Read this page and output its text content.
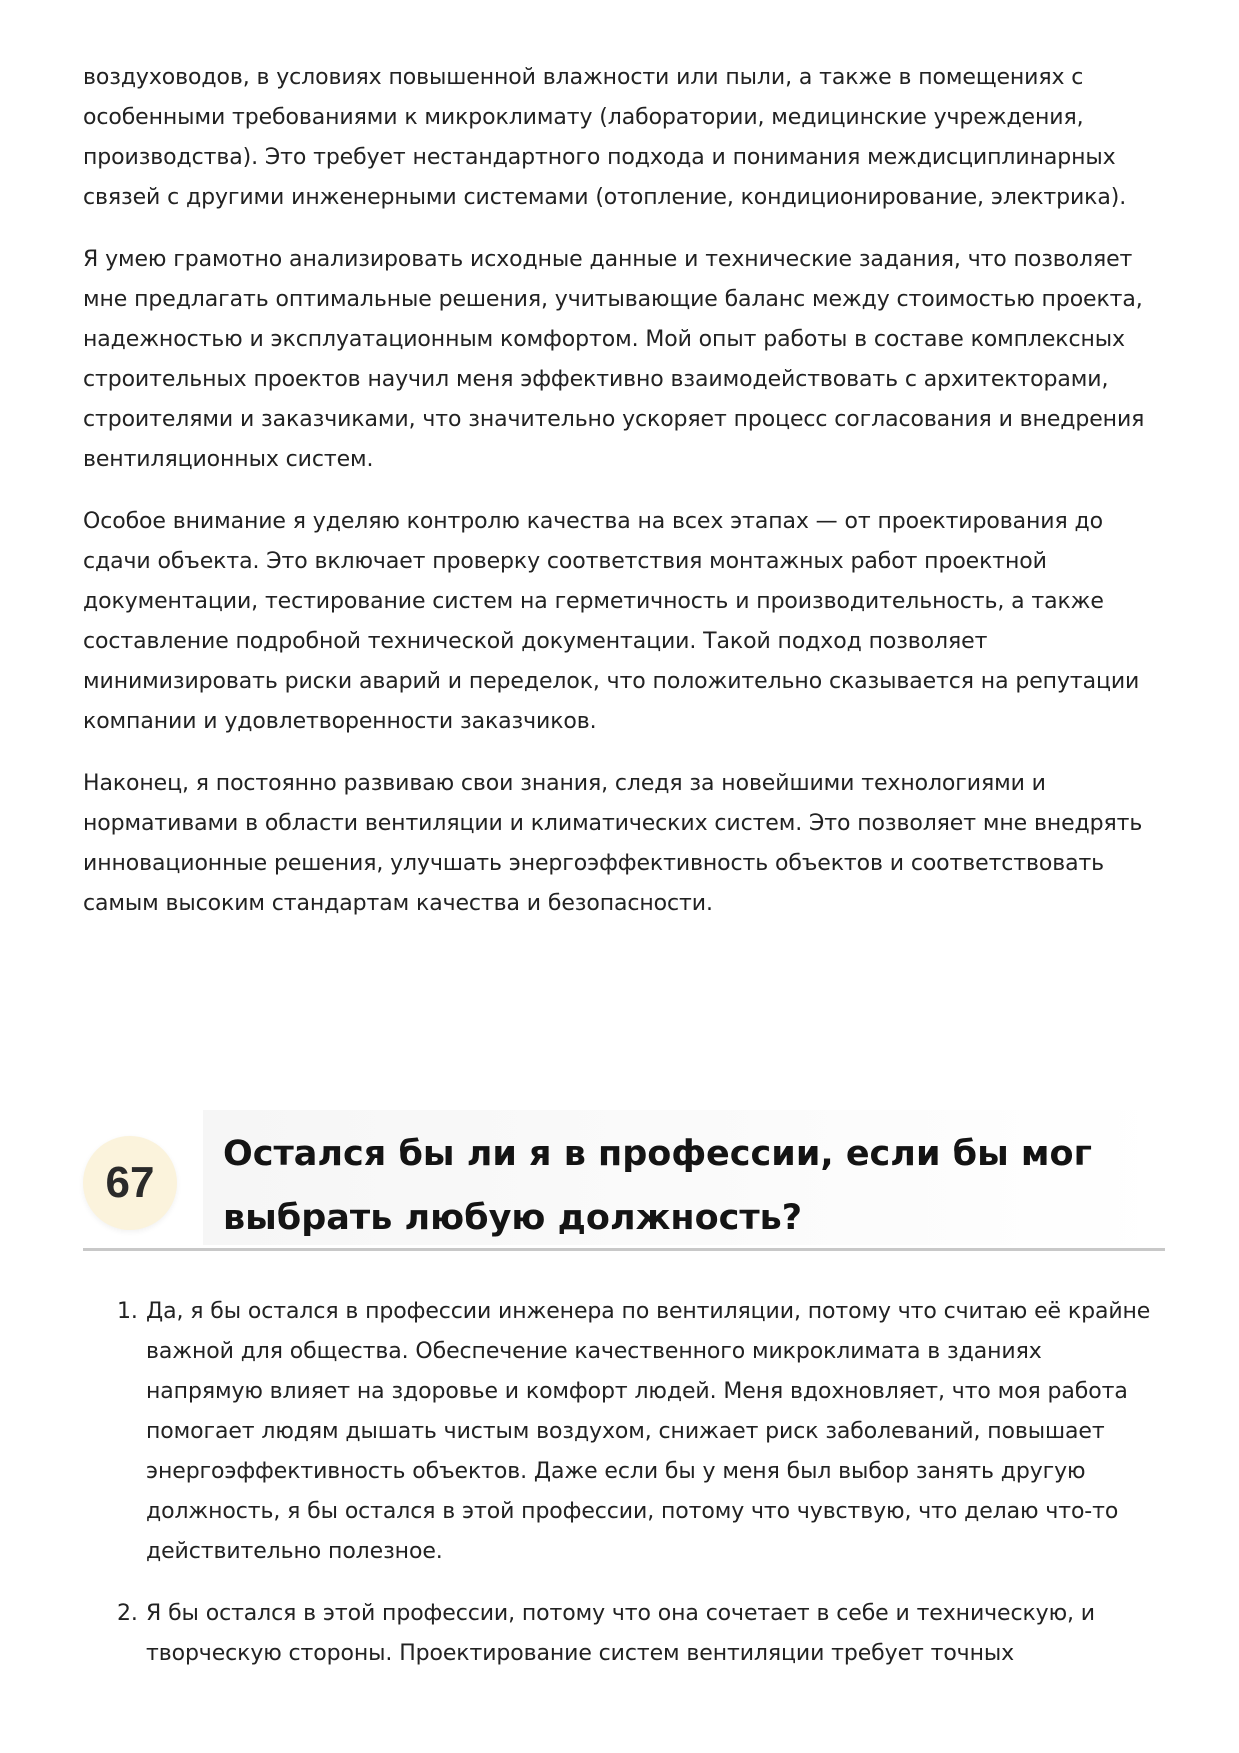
воздуховодов, в условиях повышенной влажности или пыли, а также в помещениях с особенными требованиями к микроклимату (лаборатории, медицинские учреждения, производства). Это требует нестандартного подхода и понимания междисциплинарных связей с другими инженерными системами (отопление, кондиционирование, электрика).

Я умею грамотно анализировать исходные данные и технические задания, что позволяет мне предлагать оптимальные решения, учитывающие баланс между стоимостью проекта, надежностью и эксплуатационным комфортом. Мой опыт работы в составе комплексных строительных проектов научил меня эффективно взаимодействовать с архитекторами, строителями и заказчиками, что значительно ускоряет процесс согласования и внедрения вентиляционных систем.

Особое внимание я уделяю контролю качества на всех этапах — от проектирования до сдачи объекта. Это включает проверку соответствия монтажных работ проектной документации, тестирование систем на герметичность и производительность, а также составление подробной технической документации. Такой подход позволяет минимизировать риски аварий и переделок, что положительно сказывается на репутации компании и удовлетворенности заказчиков.

Наконец, я постоянно развиваю свои знания, следя за новейшими технологиями и нормативами в области вентиляции и климатических систем. Это позволяет мне внедрять инновационные решения, улучшать энергоэффективность объектов и соответствовать самым высоким стандартам качества и безопасности.

67
Остался бы ли я в профессии, если бы мог выбрать любую должность?
1. Да, я бы остался в профессии инженера по вентиляции, потому что считаю её крайне важной для общества. Обеспечение качественного микроклимата в зданиях напрямую влияет на здоровье и комфорт людей. Меня вдохновляет, что моя работа помогает людям дышать чистым воздухом, снижает риск заболеваний, повышает энергоэффективность объектов. Даже если бы у меня был выбор занять другую должность, я бы остался в этой профессии, потому что чувствую, что делаю что-то действительно полезное.
2. Я бы остался в этой профессии, потому что она сочетает в себе и техническую, и творческую стороны. Проектирование систем вентиляции требует точных
